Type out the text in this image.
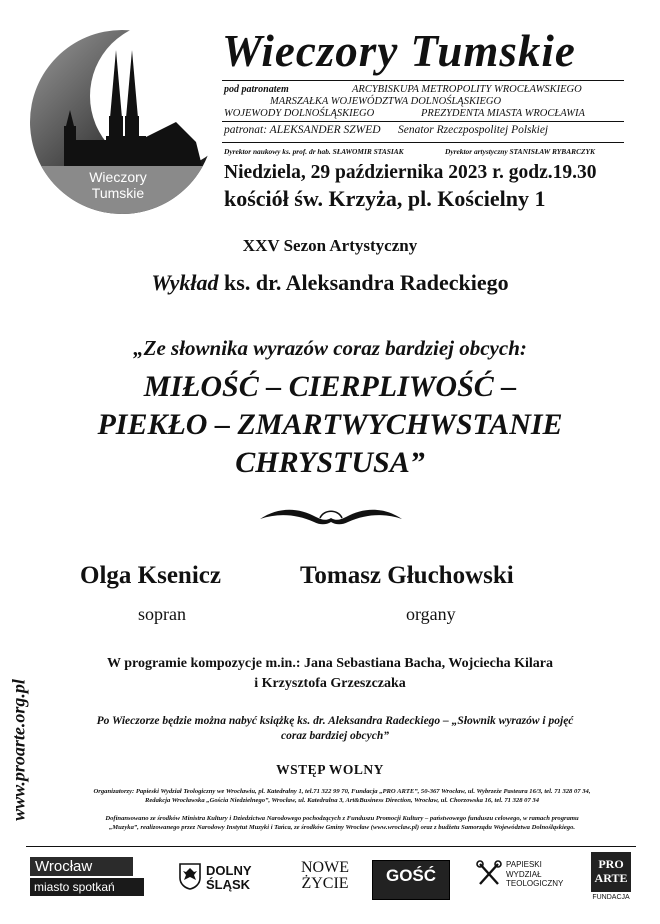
Wieczory
Tumskie
Wieczory Tumskie
pod patronatem	ARCYBISKUPA METROPOLITY WROCŁAWSKIEGO
MARSZAŁKA WOJEWÓDZTWA DOLNOŚLĄSKIEGO
WOJEWODY DOLNOŚLĄSKIEGO	PREZYDENTA MIASTA WROCŁAWIA
patronat: ALEKSANDER SZWED Senator Rzeczpospolitej Polskiej
Dyrektor naukowy ks. prof. dr hab. SŁAWOMIR STASIAK	Dyrektor artystyczny STANISŁAW RYBARCZYK
Niedziela, 29 października 2023 r. godz.19.30
kościół św. Krzyża, pl. Kościelny 1
XXV Sezon Artystyczny
Wykład ks. dr. Aleksandra Radeckiego
„Ze słownika wyrazów coraz bardziej obcych:
MIŁOŚĆ – CIERPLIWOŚĆ –
PIEKŁO – ZMARTWYCHWSTANIE
CHRYSTUSA”
Olga Ksenicz	Tomasz Głuchowski
sopran	organy
W programie kompozycje m.in.: Jana Sebastiana Bacha, Wojciecha Kilara
i Krzysztofa Grzeszczaka
Po Wieczorze będzie można nabyć książkę ks. dr. Aleksandra Radeckiego – „Słownik wyrazów i pojęć
coraz bardziej obcych”
WSTĘP WOLNY
Organizatorzy: Papieski Wydział Teologiczny we Wrocławiu, pl. Katedralny 1, tel.71 322 99 70, Fundacja „PRO ARTE”, 50-367 Wrocław, ul. Wybrzeże Pasteura 16/3, tel. 71 328 07 34,
Redakcja Wrocławska „Gościa Niedzielnego”, Wrocław, ul. Katedralna 3, Art&Business Direction, Wrocław, ul. Chorzowska 16, tel. 71 328 07 34
Dofinansowano ze środków Ministra Kultury i Dziedzictwa Narodowego pochodzących z Funduszu Promocji Kultury – państwowego funduszu celowego, w ramach programu
„Muzyka”, realizowanego przez Narodowy Instytut Muzyki i Tańca, ze środków Gminy Wrocław (www.wroclaw.pl) oraz z budżetu Samorządu Województwa Dolnośląskiego.
www.proarte.org.pl
Wrocław
miasto spotkań
DOLNY
ŚLĄSK
NOWE
ŻYCIE	GOŚĆ
PAPIESKI
WYDZIAŁ
TEOLOGICZNY
PRO
ARTE
FUNDACJA
